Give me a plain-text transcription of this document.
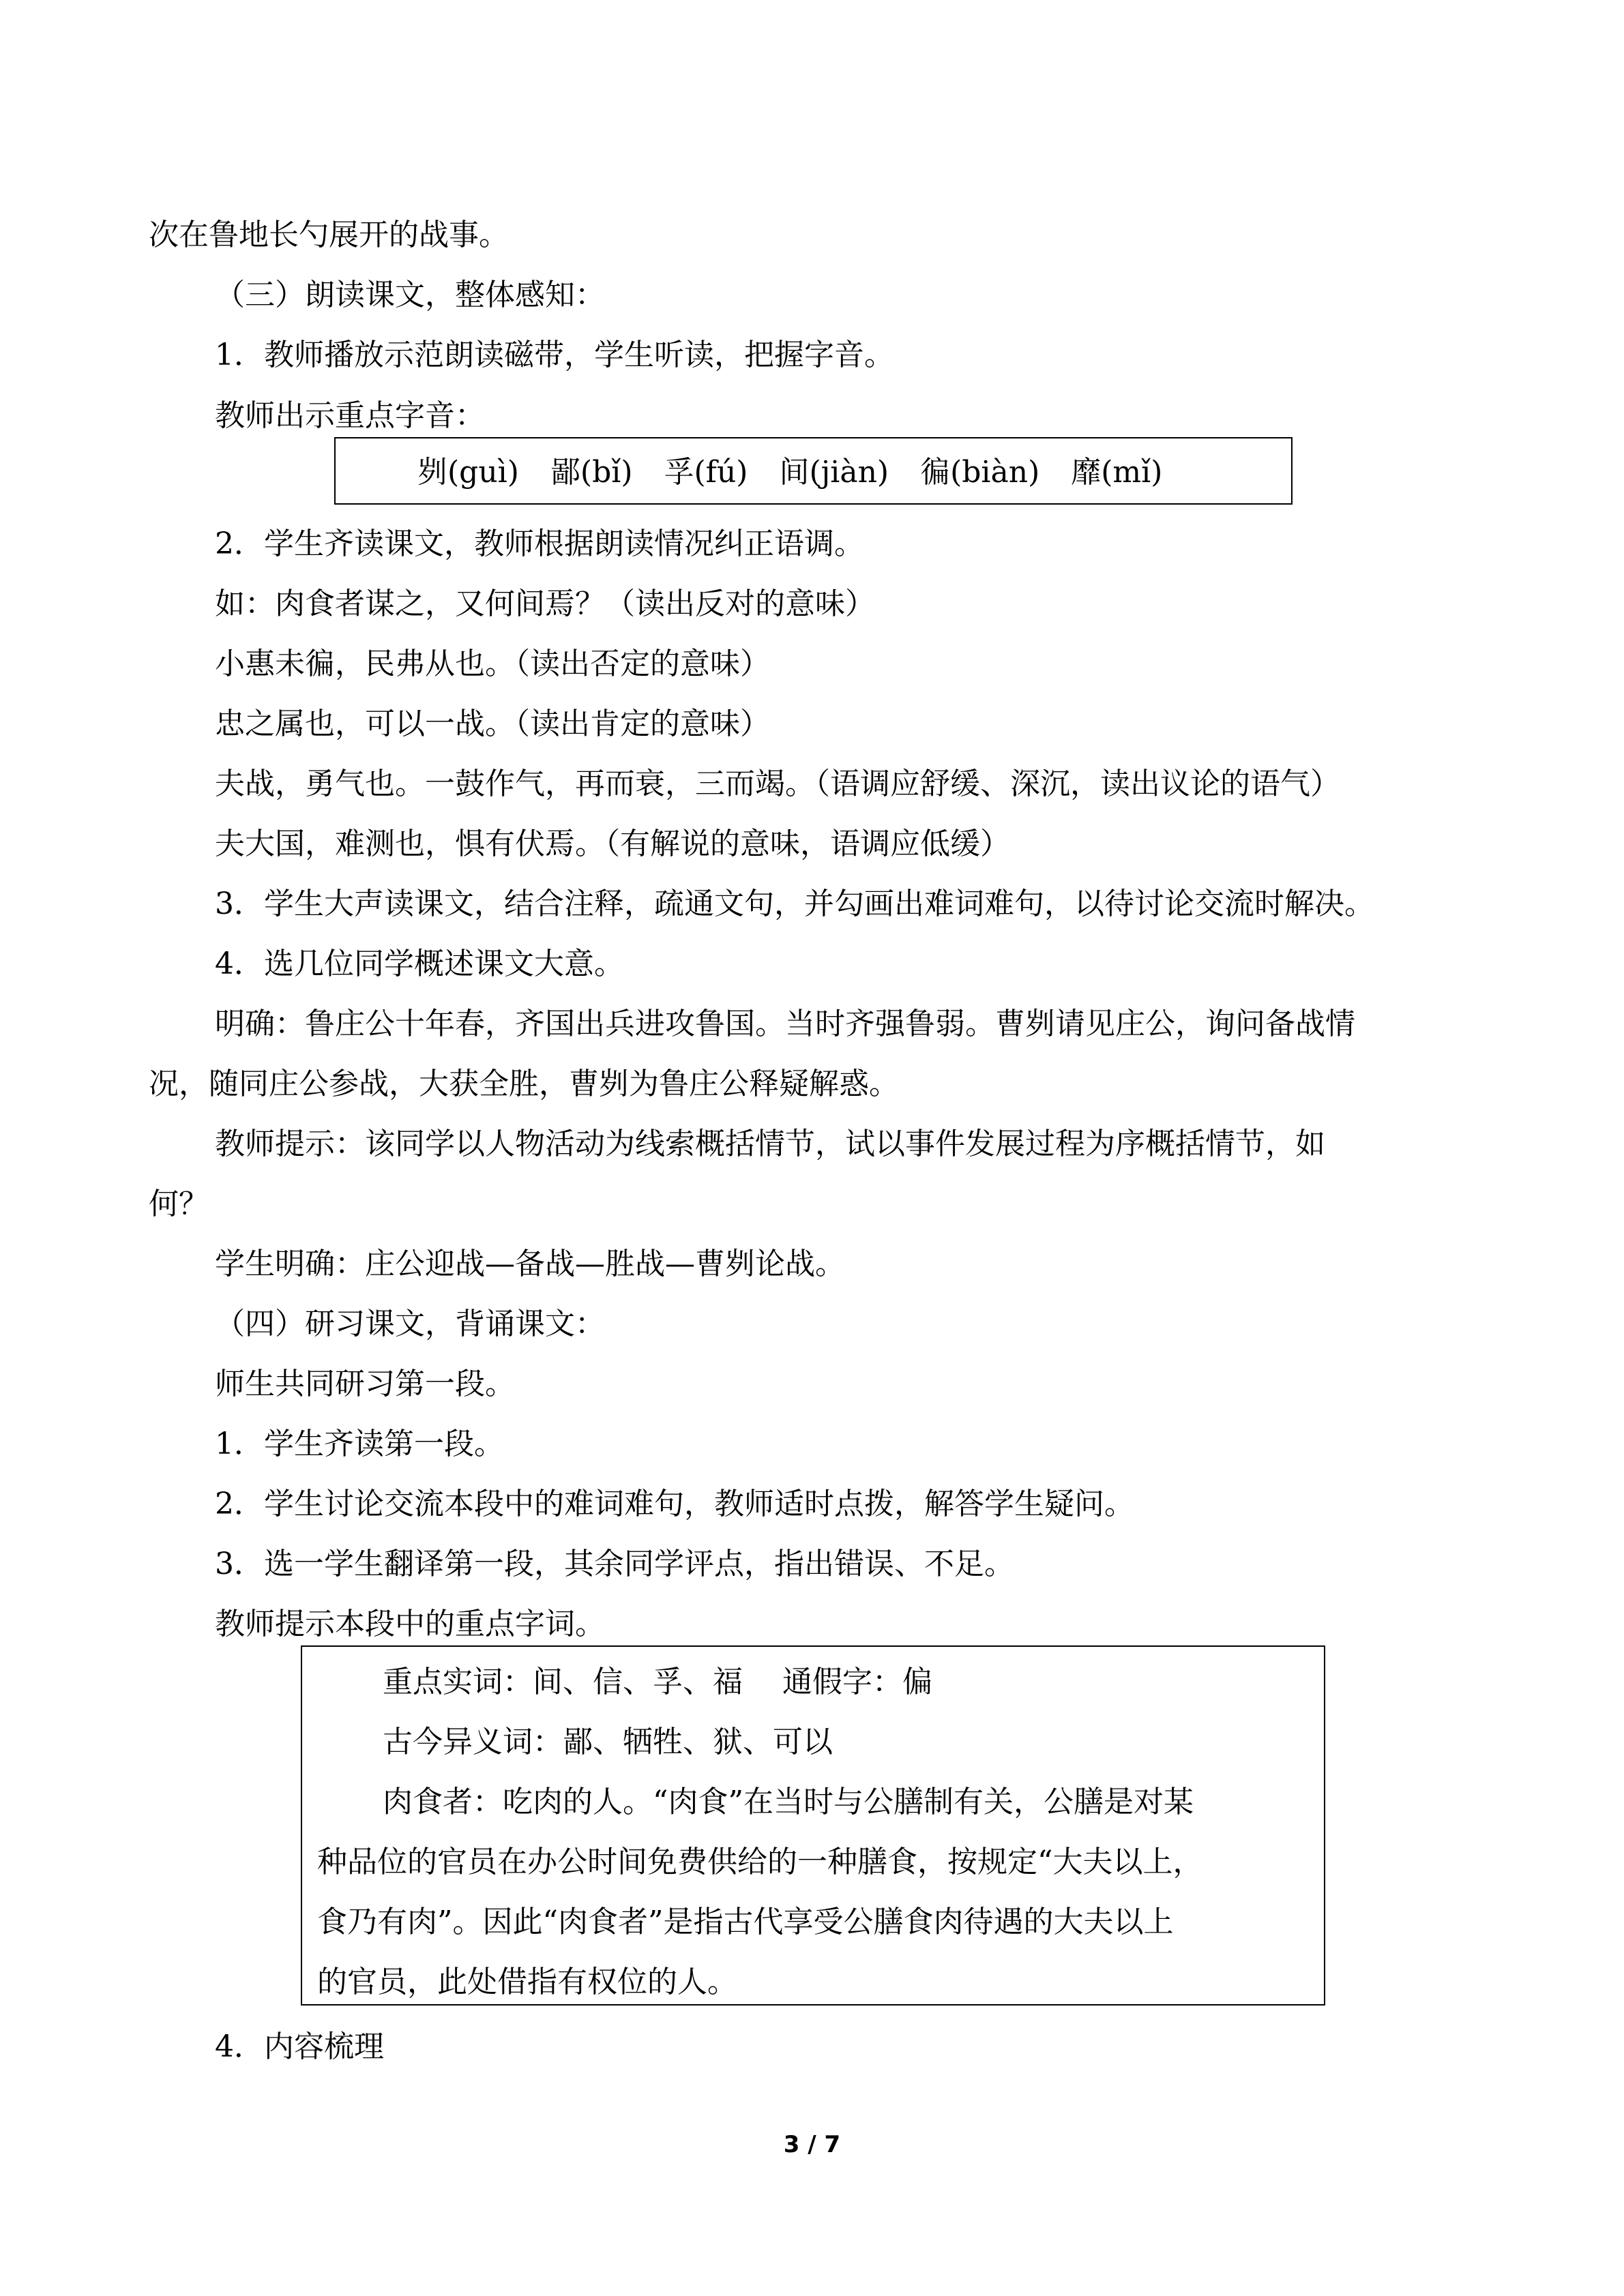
次在鲁地长勺展开的战事。

（三）朗读课文，整体感知：

1．教师播放示范朗读磁带，学生听读，把握字音。

教师出示重点字音：

刿(guì) 鄙(bǐ) 孚(fú) 间(jiàn) 徧(biàn) 靡(mǐ)

2．学生齐读课文，教师根据朗读情况纠正语调。

如：肉食者谋之，又何间焉？（读出反对的意味）

小惠未徧，民弗从也。（读出否定的意味）

忠之属也，可以一战。（读出肯定的意味）

夫战，勇气也。一鼓作气，再而衰，三而竭。（语调应舒缓、深沉，读出议论的语气）

夫大国，难测也，惧有伏焉。（有解说的意味，语调应低缓）

3．学生大声读课文，结合注释，疏通文句，并勾画出难词难句，以待讨论交流时解决。

4．选几位同学概述课文大意。

明确：鲁庄公十年春，齐国出兵进攻鲁国。当时齐强鲁弱。曹刿请见庄公，询问备战情

况，随同庄公参战，大获全胜，曹刿为鲁庄公释疑解惑。

教师提示：该同学以人物活动为线索概括情节，试以事件发展过程为序概括情节，如

何？

学生明确：庄公迎战—备战—胜战—曹刿论战。

（四）研习课文，背诵课文：

师生共同研习第一段。

1．学生齐读第一段。

2．学生讨论交流本段中的难词难句，教师适时点拨，解答学生疑问。

3．选一学生翻译第一段，其余同学评点，指出错误、不足。

教师提示本段中的重点字词。

重点实词：间、信、孚、福　 通假字：偏
古今异义词：鄙、牺牲、狱、可以
肉食者：吃肉的人。“肉食”在当时与公膳制有关，公膳是对某
种品位的官员在办公时间免费供给的一种膳食，按规定“大夫以上，
食乃有肉”。因此“肉食者”是指古代享受公膳食肉待遇的大夫以上
的官员，此处借指有权位的人。

4．内容梳理

3 / 7
